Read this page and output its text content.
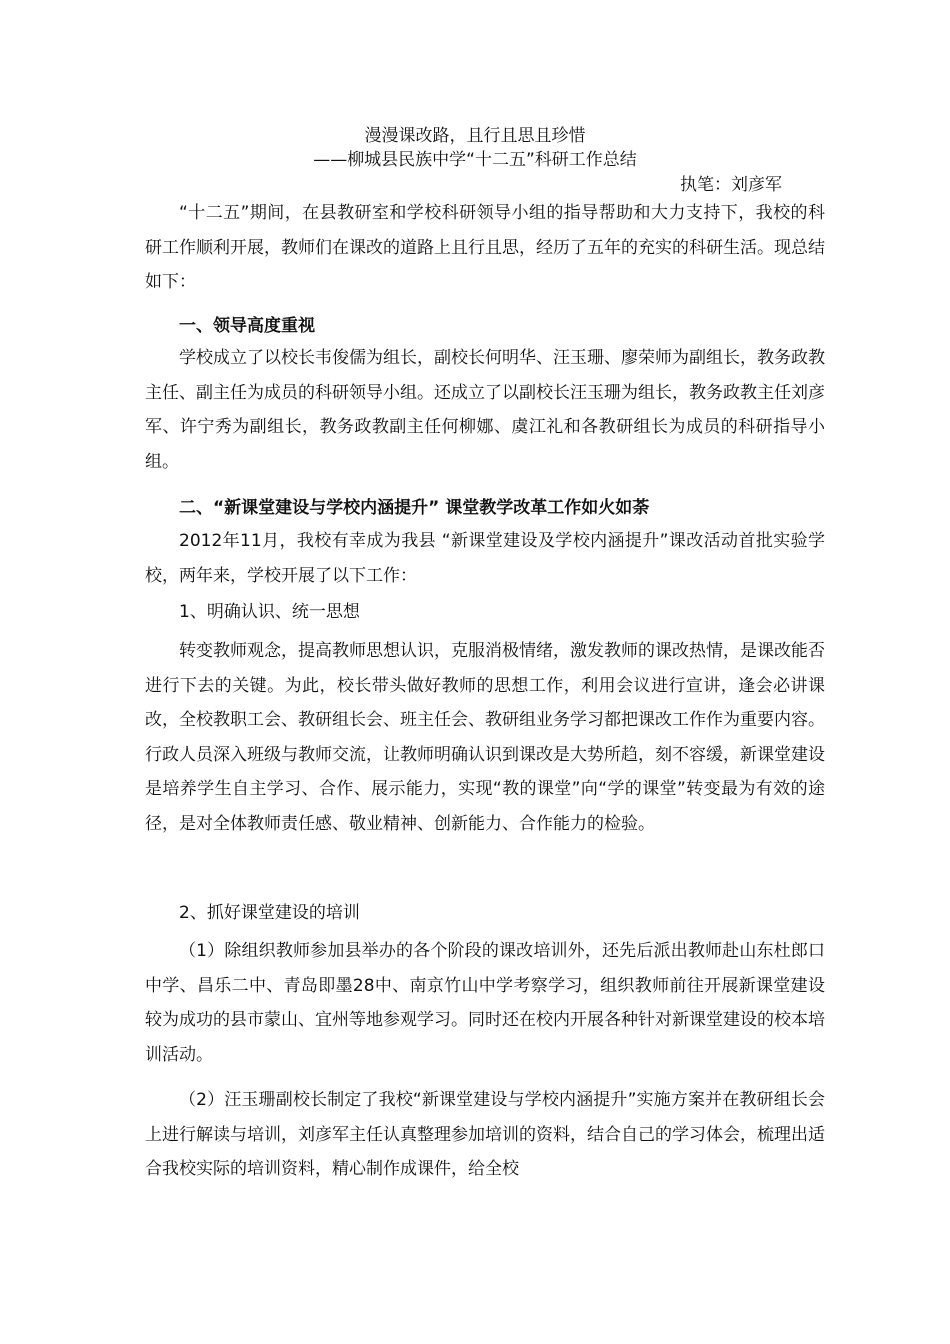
漫漫课改路，且行且思且珍惜
——柳城县民族中学“十二五”科研工作总结
执笔：刘彦军

“十二五”期间，在县教研室和学校科研领导小组的指导帮助和大力支持下，我校的科研工作顺利开展，教师们在课改的道路上且行且思，经历了五年的充实的科研生活。现总结如下：

一、领导高度重视

学校成立了以校长韦俊儒为组长，副校长何明华、汪玉珊、廖荣师为副组长，教务政教主任、副主任为成员的科研领导小组。还成立了以副校长汪玉珊为组长，教务政教主任刘彦军、许宁秀为副组长，教务政教副主任何柳娜、虞江礼和各教研组长为成员的科研指导小组。

二、“新课堂建设与学校内涵提升” 课堂教学改革工作如火如荼

2012年11月，我校有幸成为我县 “新课堂建设及学校内涵提升”课改活动首批实验学校，两年来，学校开展了以下工作：

1、明确认识、统一思想

转变教师观念，提高教师思想认识，克服消极情绪，激发教师的课改热情，是课改能否进行下去的关键。为此，校长带头做好教师的思想工作，利用会议进行宣讲，逢会必讲课改，全校教职工会、教研组长会、班主任会、教研组业务学习都把课改工作作为重要内容。行政人员深入班级与教师交流，让教师明确认识到课改是大势所趋，刻不容缓，新课堂建设是培养学生自主学习、合作、展示能力，实现“教的课堂”向“学的课堂”转变最为有效的途径，是对全体教师责任感、敬业精神、创新能力、合作能力的检验。

2、抓好课堂建设的培训

（1）除组织教师参加县举办的各个阶段的课改培训外，还先后派出教师赴山东杜郎口中学、昌乐二中、青岛即墨28中、南京竹山中学考察学习，组织教师前往开展新课堂建设较为成功的县市蒙山、宜州等地参观学习。同时还在校内开展各种针对新课堂建设的校本培训活动。

（2）汪玉珊副校长制定了我校“新课堂建设与学校内涵提升”实施方案并在教研组长会上进行解读与培训，刘彦军主任认真整理参加培训的资料，结合自己的学习体会，梳理出适合我校实际的培训资料，精心制作成课件，给全校
